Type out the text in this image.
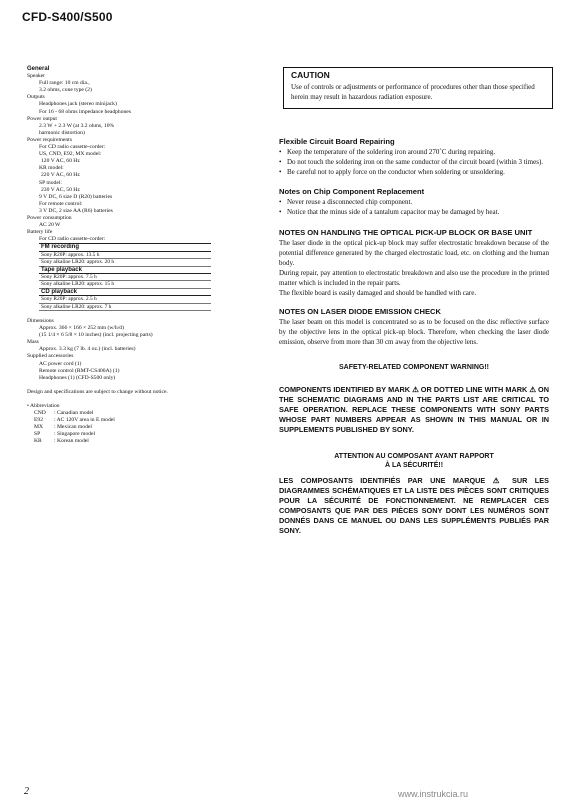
CFD-S400/S500
General
Speaker
Full range: 10 cm dia.,
3.2 ohms, cone type (2)
Outputs
Headphones jack (stereo minijack)
For 16 - 68 ohms impedance headphones
Power output
2.3 W + 2.3 W (at 3.2 ohms, 10%
harmonic distortion)
Power requirements
For CD radio cassette-corder:
US, CND, E92, MX model:
120 V AC, 60 Hz
KR model:
220 V AC, 60 Hz
SP model:
230 V AC, 50 Hz
9 V DC, 6 size D (R20) batteries
For remote control:
3 V DC, 2 size AA (R6) batteries
Power consumption
AC 20 W
Battery life
For CD radio cassette-corder:
FM recording
Sony R20P: approx. 13.5 h
Sony alkaline LR20: approx. 20 h
Tape playback
Sony R20P: approx. 7.5 h
Sony alkaline LR20: approx. 15 h
CD playback
Sony R20P: approx. 2.5 h
Sony alkaline LR20: approx. 7 h
Dimensions
Approx. 366 × 166 × 252 mm (w/h/d)
(15 1/4 × 6 5/8 × 10 inches) (incl. projecting parts)
Mass
Approx. 3.3 kg (7 lb. 4 oz.) (incl. batteries)
Supplied accessories
AC power cord (1)
Remote control (RMT-CS400A) (1)
Headphones (1) (CFD-S500 only)
Design and specifications are subject to change without notice.
• Abbreviation
CND	: Canadian model
E92	: AC 120V area in E model
MX	: Mexican model
SP	: Singapore model
KR	: Korean model
CAUTION
Use of controls or adjustments or performance of procedures other than those specified herein may result in hazardous radiation exposure.
Flexible Circuit Board Repairing
• Keep the temperature of the soldering iron around 270˚C during repairing.
• Do not touch the soldering iron on the same conductor of the circuit board (within 3 times).
• Be careful not to apply force on the conductor when soldering or unsoldering.
Notes on Chip Component Replacement
• Never reuse a disconnected chip component.
• Notice that the minus side of a tantalum capacitor may be damaged by heat.
NOTES ON HANDLING THE OPTICAL PICK-UP BLOCK OR BASE UNIT
The laser diode in the optical pick-up block may suffer electrostatic breakdown because of the potential difference generated by the charged electrostatic load, etc. on clothing and the human body.
During repair, pay attention to electrostatic breakdown and also use the procedure in the printed matter which is included in the repair parts.
The flexible board is easily damaged and should be handled with care.
NOTES ON LASER DIODE EMISSION CHECK
The laser beam on this model is concentrated so as to be focused on the disc reflective surface by the objective lens in the optical pick-up block. Therefore, when checking the laser diode emission, observe from more than 30 cm away from the objective lens.
SAFETY-RELATED COMPONENT WARNING!!
COMPONENTS IDENTIFIED BY MARK ⚠ OR DOTTED LINE WITH MARK ⚠ ON THE SCHEMATIC DIAGRAMS AND IN THE PARTS LIST ARE CRITICAL TO SAFE OPERATION. REPLACE THESE COMPONENTS WITH SONY PARTS WHOSE PART NUMBERS APPEAR AS SHOWN IN THIS MANUAL OR IN SUPPLEMENTS PUBLISHED BY SONY.
ATTENTION AU COMPOSANT AYANT RAPPORT
À LA SÉCURITÉ!!
LES COMPOSANTS IDENTIFIÉS PAR UNE MARQUE ⚠ SUR LES DIAGRAMMES SCHÉMATIQUES ET LA LISTE DES PIÈCES SONT CRITIQUES POUR LA SÉCURITÉ DE FONCTIONNEMENT. NE REMPLACER CES COMPOSANTS QUE PAR DES PIÈCES SONY DONT LES NUMÉROS SONT DONNÉS DANS CE MANUEL OU DANS LES SUPPLÉMENTS PUBLIÉS PAR SONY.
2	www.instrukcia.ru
